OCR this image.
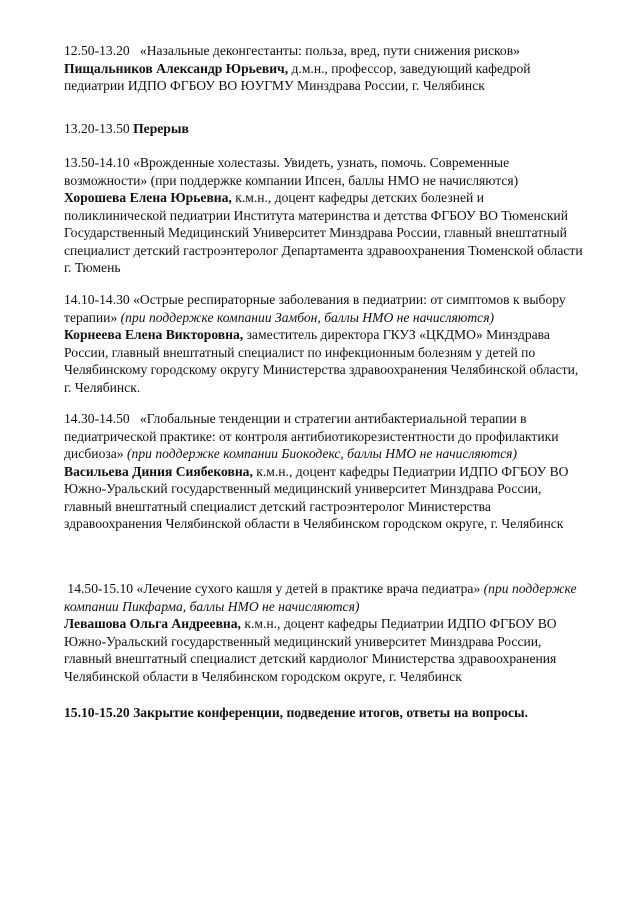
12.50-13.20 «Назальные деконгестанты: польза, вред, пути снижения рисков»

Пищальников Александр Юрьевич, д.м.н., профессор, заведующий кафедрой педиатрии ИДПО ФГБОУ ВО ЮУГМУ Минздрава России, г. Челябинск

13.20-13.50 Перерыв

13.50-14.10 «Врожденные холестазы. Увидеть, узнать, помочь. Современные возможности» (при поддержке компании Ипсен, баллы НМО не начисляются)

Хорошева Елена Юрьевна, к.м.н., доцент кафедры детских болезней и поликлинической педиатрии Института материнства и детства ФГБОУ ВО Тюменский Государственный Медицинский Университет Минздрава России, главный внештатный специалист детский гастроэнтеролог Департамента здравоохранения Тюменской области г. Тюмень

14.10-14.30 «Острые респираторные заболевания в педиатрии: от симптомов к выбору терапии» (при поддержке компании Замбон, баллы НМО не начисляются)

Корнеева Елена Викторовна, заместитель директора ГКУЗ «ЦКДМО» Минздрава России, главный внештатный специалист по инфекционным болезням у детей по Челябинскому городскому округу Министерства здравоохранения Челябинской области, г. Челябинск.

14.30-14.50 «Глобальные тенденции и стратегии антибактериальной терапии в педиатрической практике: от контроля антибиотикорезистентности до профилактики дисбиоза» (при поддержке компании Биокодекс, баллы НМО не начисляются)

Васильева Диния Сиябековна, к.м.н., доцент кафедры Педиатрии ИДПО ФГБОУ ВО Южно-Уральский государственный медицинский университет Минздрава России, главный внештатный специалист детский гастроэнтеролог Министерства здравоохранения Челябинской области в Челябинском городском округе, г. Челябинск

14.50-15.10 «Лечение сухого кашля у детей в практике врача педиатра» (при поддержке компании Пикфарма, баллы НМО не начисляются)

Левашова Ольга Андреевна, к.м.н., доцент кафедры Педиатрии ИДПО ФГБОУ ВО Южно-Уральский государственный медицинский университет Минздрава России, главный внештатный специалист детский кардиолог Министерства здравоохранения Челябинской области в Челябинском городском округе, г. Челябинск

15.10-15.20 Закрытие конференции, подведение итогов, ответы на вопросы.
